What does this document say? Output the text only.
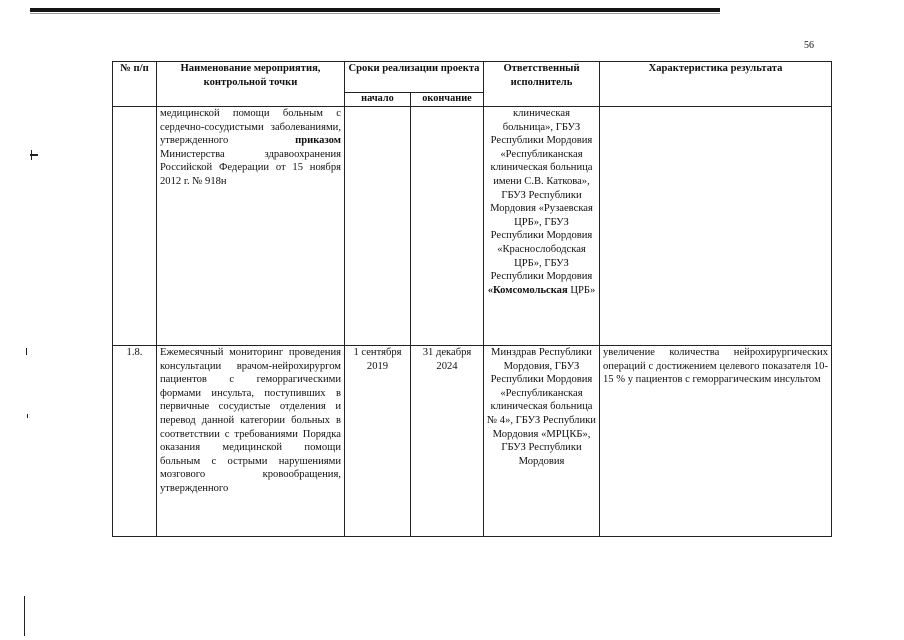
56
№ п/п	Наименование мероприятия, контрольной точки	Сроки реализации проекта		Ответственный исполнитель	Характеристика результата
		начало	окончание		
	медицинской помощи больным с сердечно-сосудистыми заболеваниями, утвержденного приказом Министерства здравоохранения Российской Федерации от 15 ноября 2012 г. № 918н			клиническая больница», ГБУЗ Республики Мордовия «Республиканская клиническая больница имени С.В. Каткова», ГБУЗ Республики Мордовия «Рузаевская ЦРБ», ГБУЗ Республики Мордовия «Краснослободская ЦРБ», ГБУЗ Республики Мордовия «Комсомольская ЦРБ»	
1.8.	Ежемесячный мониторинг проведения консультации врачом-нейрохирургом пациентов с геморрагическими формами инсульта, поступивших в первичные сосудистые отделения и перевод данной категории больных в соответствии с требованиями Порядка оказания медицинской помощи больным с острыми нарушениями мозгового кровообращения, утвержденного	1 сентября 2019	31 декабря 2024	Минздрав Республики Мордовия, ГБУЗ Республики Мордовия «Республиканская клиническая больница № 4», ГБУЗ Республики Мордовия «МРЦКБ», ГБУЗ Республики Мордовия	увеличение количества нейрохирургических операций с достижением целевого показателя 10-15 % у пациентов с геморрагическим инсультом
